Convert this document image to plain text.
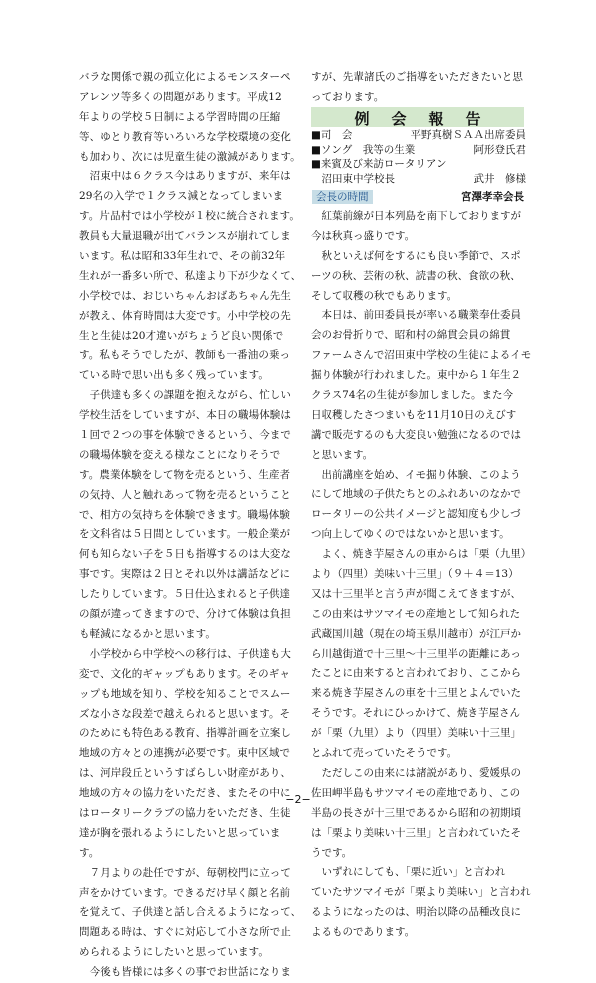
バラな関係で親の孤立化によるモンスターペ
アレンツ等多くの問題があります。平成12
年よりの学校５日制による学習時間の圧縮
等、ゆとり教育等いろいろな学校環境の変化
も加わり、次には児童生徒の激減があります。
　沼東中は６クラス今はありますが、来年は
29名の入学で１クラス減となってしまいま
す。片品村では小学校が１校に統合されます。
教員も大量退職が出てバランスが崩れてしま
います。私は昭和33年生れで、その前32年
生れが一番多い所で、私達より下が少なくて、
小学校では、おじいちゃんおばあちゃん先生
が教え、体育時間は大変です。小中学校の先
生と生徒は20才違いがちょうど良い関係で
す。私もそうでしたが、教師も一番油の乗っ
ている時で思い出も多く残っています。
　子供達も多くの課題を抱えながら、忙しい
学校生活をしていますが、本日の職場体験は
１回で２つの事を体験できるという、今まで
の職場体験を変える様なことになりそうで
す。農業体験をして物を売るという、生産者
の気持、人と触れあって物を売るということ
で、相方の気持ちを体験できます。職場体験
を文科省は５日間としています。一般企業が
何も知らない子を５日も指導するのは大変な
事です。実際は２日とそれ以外は講話などに
したりしています。５日仕込まれると子供達
の顔が違ってきますので、分けて体験は負担
も軽減になるかと思います。
　小学校から中学校への移行は、子供達も大
変で、文化的ギャップもあります。そのギャ
ップも地域を知り、学校を知ることでスムー
ズな小さな段差で越えられると思います。そ
のためにも特色ある教育、指導計画を立案し
地域の方々との連携が必要です。東中区域で
は、河岸段丘というすばらしい財産があり、
地域の方々の協力をいただき、またその中に
はロータリークラブの協力をいただき、生徒
達が胸を張れるようにしたいと思っていま
す。
　７月よりの赴任ですが、毎朝校門に立って
声をかけています。できるだけ早く顔と名前
を覚えて、子供達と話し合えるようになって、
問題ある時は、すぐに対応して小さな所で止
められるようにしたいと思っています。
　今後も皆様には多くの事でお世話になりま
すが、先輩諸氏のご指導をいただきたいと思
っております。
例会報告
■司　会	平野真樹ＳＡＡ出席委員
■ソング　我等の生業	阿形登氏君
■来賓及び来訪ロータリアン
　沼田東中学校長	武井　修様
会長の時間	宮澤孝幸会長
　紅葉前線が日本列島を南下しておりますが
今は秋真っ盛りです。
　秋といえば何をするにも良い季節で、スポ
ーツの秋、芸術の秋、読書の秋、食欲の秋、
そして収穫の秋でもあります。
　本日は、前田委員長が率いる職業奉仕委員
会のお骨折りで、昭和村の綿貫会員の綿貫
ファームさんで沼田東中学校の生徒によるイモ
掘り体験が行われました。東中から１年生２
クラス74名の生徒が参加しました。また今
日収穫したさつまいもを11月10日のえびす
講で販売するのも大変良い勉強になるのでは
と思います。
　出前講座を始め、イモ掘り体験、このよう
にして地域の子供たちとのふれあいのなかで
ロータリーの公共イメージと認知度も少しづ
つ向上してゆくのではないかと思います。
　よく、焼き芋屋さんの車からは「栗（九里）
より（四里）美味い十三里」（９＋４＝13）
又は十三里半と言う声が聞こえてきますが、
この由来はサツマイモの産地として知られた
武蔵国川越（現在の埼玉県川越市）が江戸か
ら川越街道で十三里〜十三里半の距離にあっ
たことに由来すると言われており、ここから
来る焼き芋屋さんの車を十三里とよんでいた
そうです。それにひっかけて、焼き芋屋さん
が「栗（九里）より（四里）美味い十三里」
とふれて売っていたそうです。
　ただしこの由来には諸説があり、愛媛県の
佐田岬半島もサツマイモの産地であり、この
半島の長さが十三里であるから昭和の初期頃
は「栗より美味い十三里」と言われていたそ
うです。
　いずれにしても、「栗に近い」と言われ
ていたサツマイモが「栗より美味い」と言われ
るようになったのは、明治以降の品種改良に
よるものであります。
−2−
